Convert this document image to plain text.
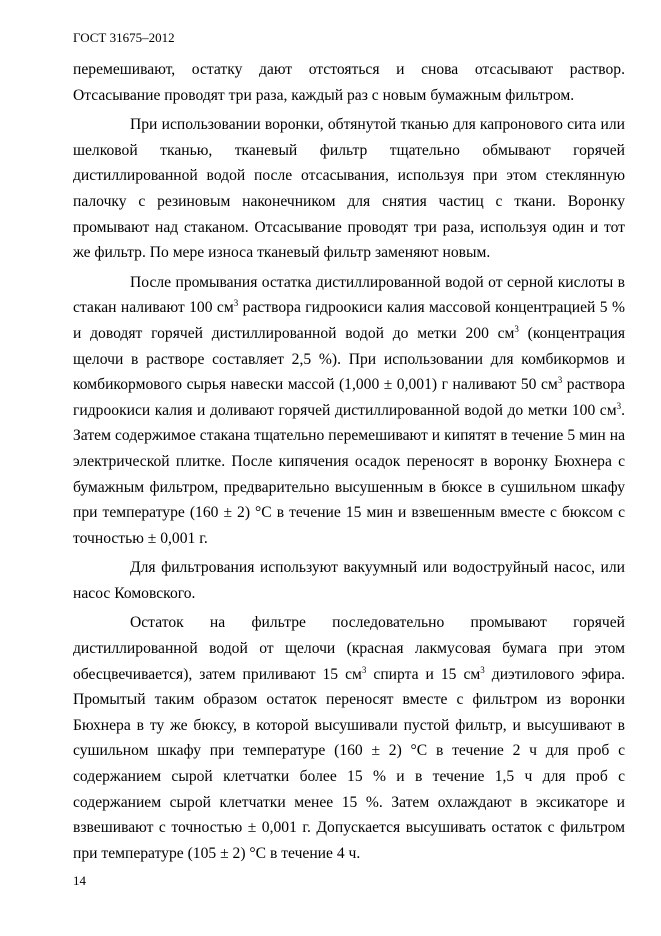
ГОСТ 31675–2012

перемешивают, остатку дают отстояться и снова отсасывают раствор. Отсасывание проводят три раза, каждый раз с новым бумажным фильтром.

При использовании воронки, обтянутой тканью для капронового сита или шелковой тканью, тканевый фильтр тщательно обмывают горячей дистиллированной водой после отсасывания, используя при этом стеклянную палочку с резиновым наконечником для снятия частиц с ткани. Воронку промывают над стаканом. Отсасывание проводят три раза, используя один и тот же фильтр. По мере износа тканевый фильтр заменяют новым.

После промывания остатка дистиллированной водой от серной кислоты в стакан наливают 100 $см^3$ раствора гидроокиси калия массовой концентрацией 5 % и доводят горячей дистиллированной водой до метки 200 $см^3$ (концентрация щелочи в растворе составляет 2,5 %). При использовании для комбикормов и комбикормового сырья навески массой (1,000 ± 0,001) г наливают 50 $см^3$ раствора гидроокиси калия и доливают горячей дистиллированной водой до метки 100 $см^3$. Затем содержимое стакана тщательно перемешивают и кипятят в течение 5 мин на электрической плитке. После кипячения осадок переносят в воронку Бюхнера с бумажным фильтром, предварительно высушенным в бюксе в сушильном шкафу при температуре (160 ± 2) °С в течение 15 мин и взвешенным вместе с бюксом с точностью ± 0,001 г.

Для фильтрования используют вакуумный или водоструйный насос, или насос Комовского.

Остаток на фильтре последовательно промывают горячей дистиллированной водой от щелочи (красная лакмусовая бумага при этом обесцвечивается), затем приливают 15 $см^3$ спирта и 15 $см^3$ диэтилового эфира. Промытый таким образом остаток переносят вместе с фильтром из воронки Бюхнера в ту же бюксу, в которой высушивали пустой фильтр, и высушивают в сушильном шкафу при температуре (160 ± 2) °С в течение 2 ч для проб с содержанием сырой клетчатки более 15 % и в течение 1,5 ч для проб с содержанием сырой клетчатки менее 15 %. Затем охлаждают в эксикаторе и взвешивают с точностью ± 0,001 г. Допускается высушивать остаток с фильтром при температуре (105 ± 2) °С в течение 4 ч.

14
